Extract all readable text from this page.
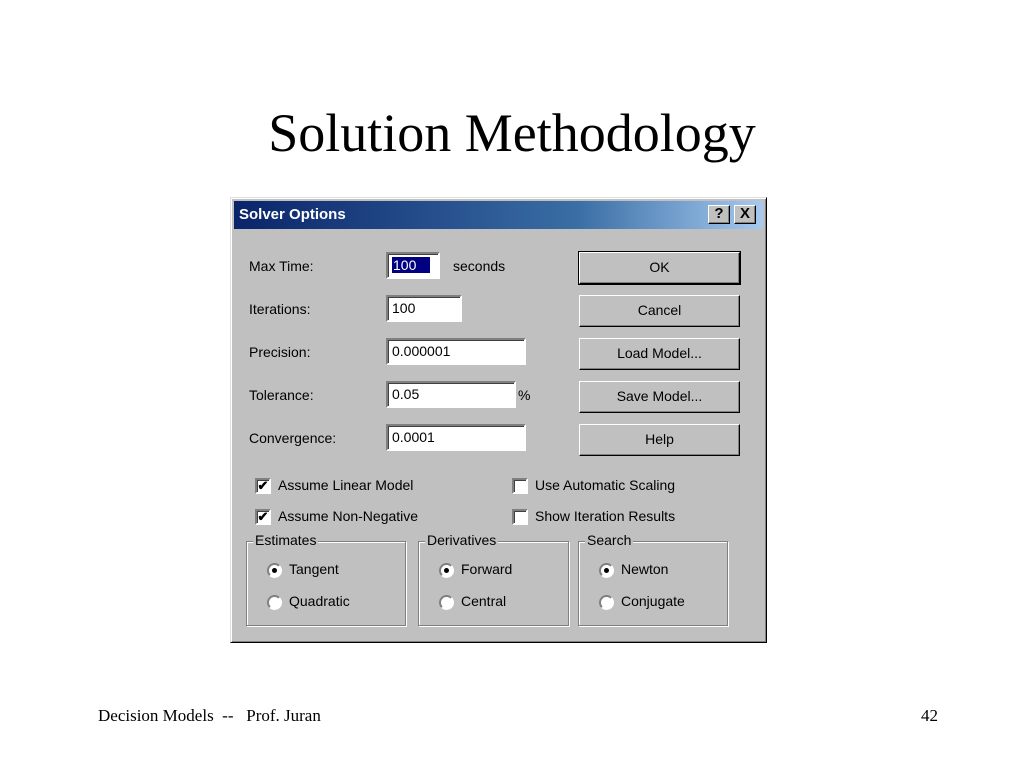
Solution Methodology
Solver Options	?	X
Max Time:	100	seconds
Iterations:	100
Precision:	0.000001
Tolerance:	0.05	%
Convergence:	0.0001
OK
Cancel
Load Model...
Save Model...
Help
✔ Assume Linear Model
✔ Assume Non-Negative
Use Automatic Scaling
Show Iteration Results
Estimates
Tangent
Quadratic
Derivatives
Forward
Central
Search
Newton
Conjugate
Decision Models  --   Prof. Juran	42
